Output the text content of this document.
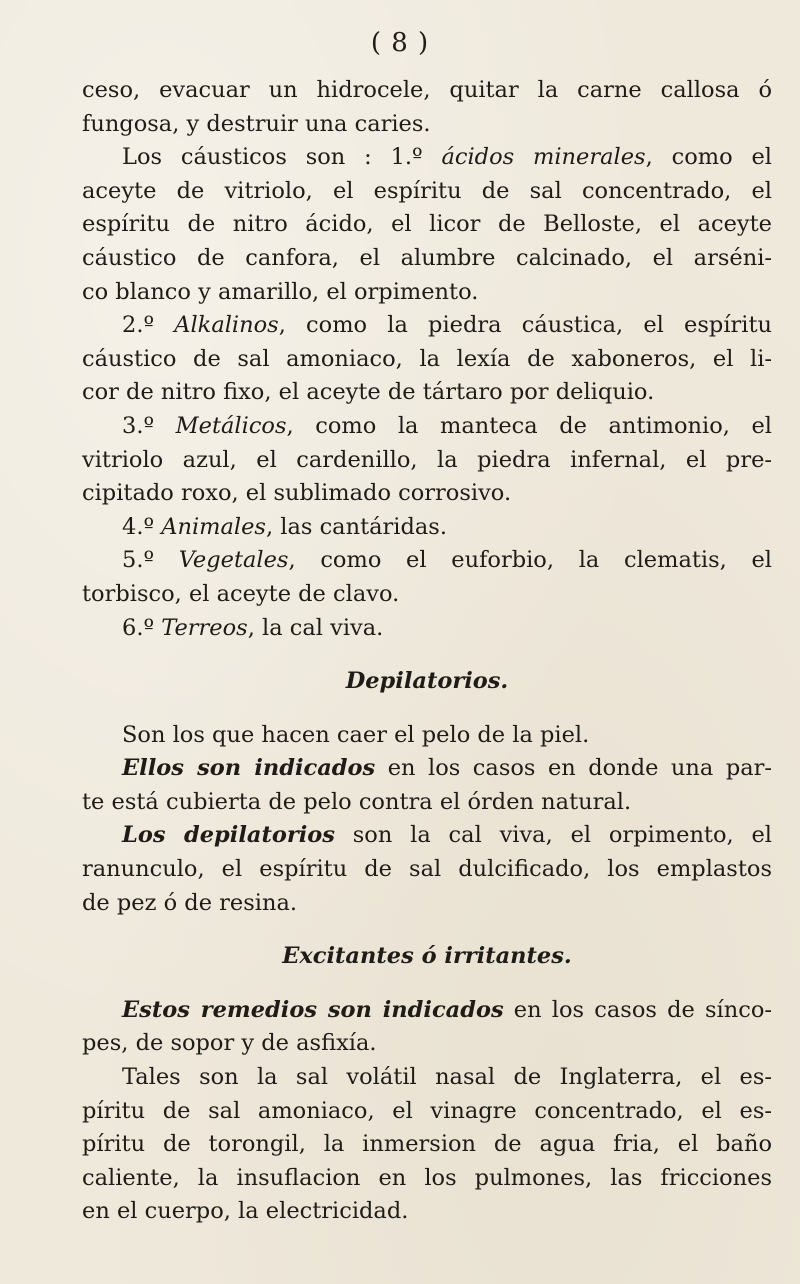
( 8 )
ceso, evacuar un hidrocele, quitar la carne callosa ó
fungosa, y destruir una caries.
Los cáusticos son : 1.º ácidos minerales, como el
aceyte de vitriolo, el espíritu de sal concentrado, el
espíritu de nitro ácido, el licor de Belloste, el aceyte
cáustico de canfora, el alumbre calcinado, el arséni-
co blanco y amarillo, el orpimento.
2.º Alkalinos, como la piedra cáustica, el espíritu
cáustico de sal amoniaco, la lexía de xaboneros, el li-
cor de nitro fixo, el aceyte de tártaro por deliquio.
3.º Metálicos, como la manteca de antimonio, el
vitriolo azul, el cardenillo, la piedra infernal, el pre-
cipitado roxo, el sublimado corrosivo.
4.º Animales, las cantáridas.
5.º Vegetales, como el euforbio, la clematis, el
torbisco, el aceyte de clavo.
6.º Terreos, la cal viva.
Depilatorios.
Son los que hacen caer el pelo de la piel.
Ellos son indicados en los casos en donde una par-
te está cubierta de pelo contra el órden natural.
Los depilatorios son la cal viva, el orpimento, el
ranunculo, el espíritu de sal dulcificado, los emplastos
de pez ó de resina.
Excitantes ó irritantes.
Estos remedios son indicados en los casos de sínco-
pes, de sopor y de asfixía.
Tales son la sal volátil nasal de Inglaterra, el es-
píritu de sal amoniaco, el vinagre concentrado, el es-
píritu de torongil, la inmersion de agua fria, el baño
caliente, la insuflacion en los pulmones, las fricciones
en el cuerpo, la electricidad.
